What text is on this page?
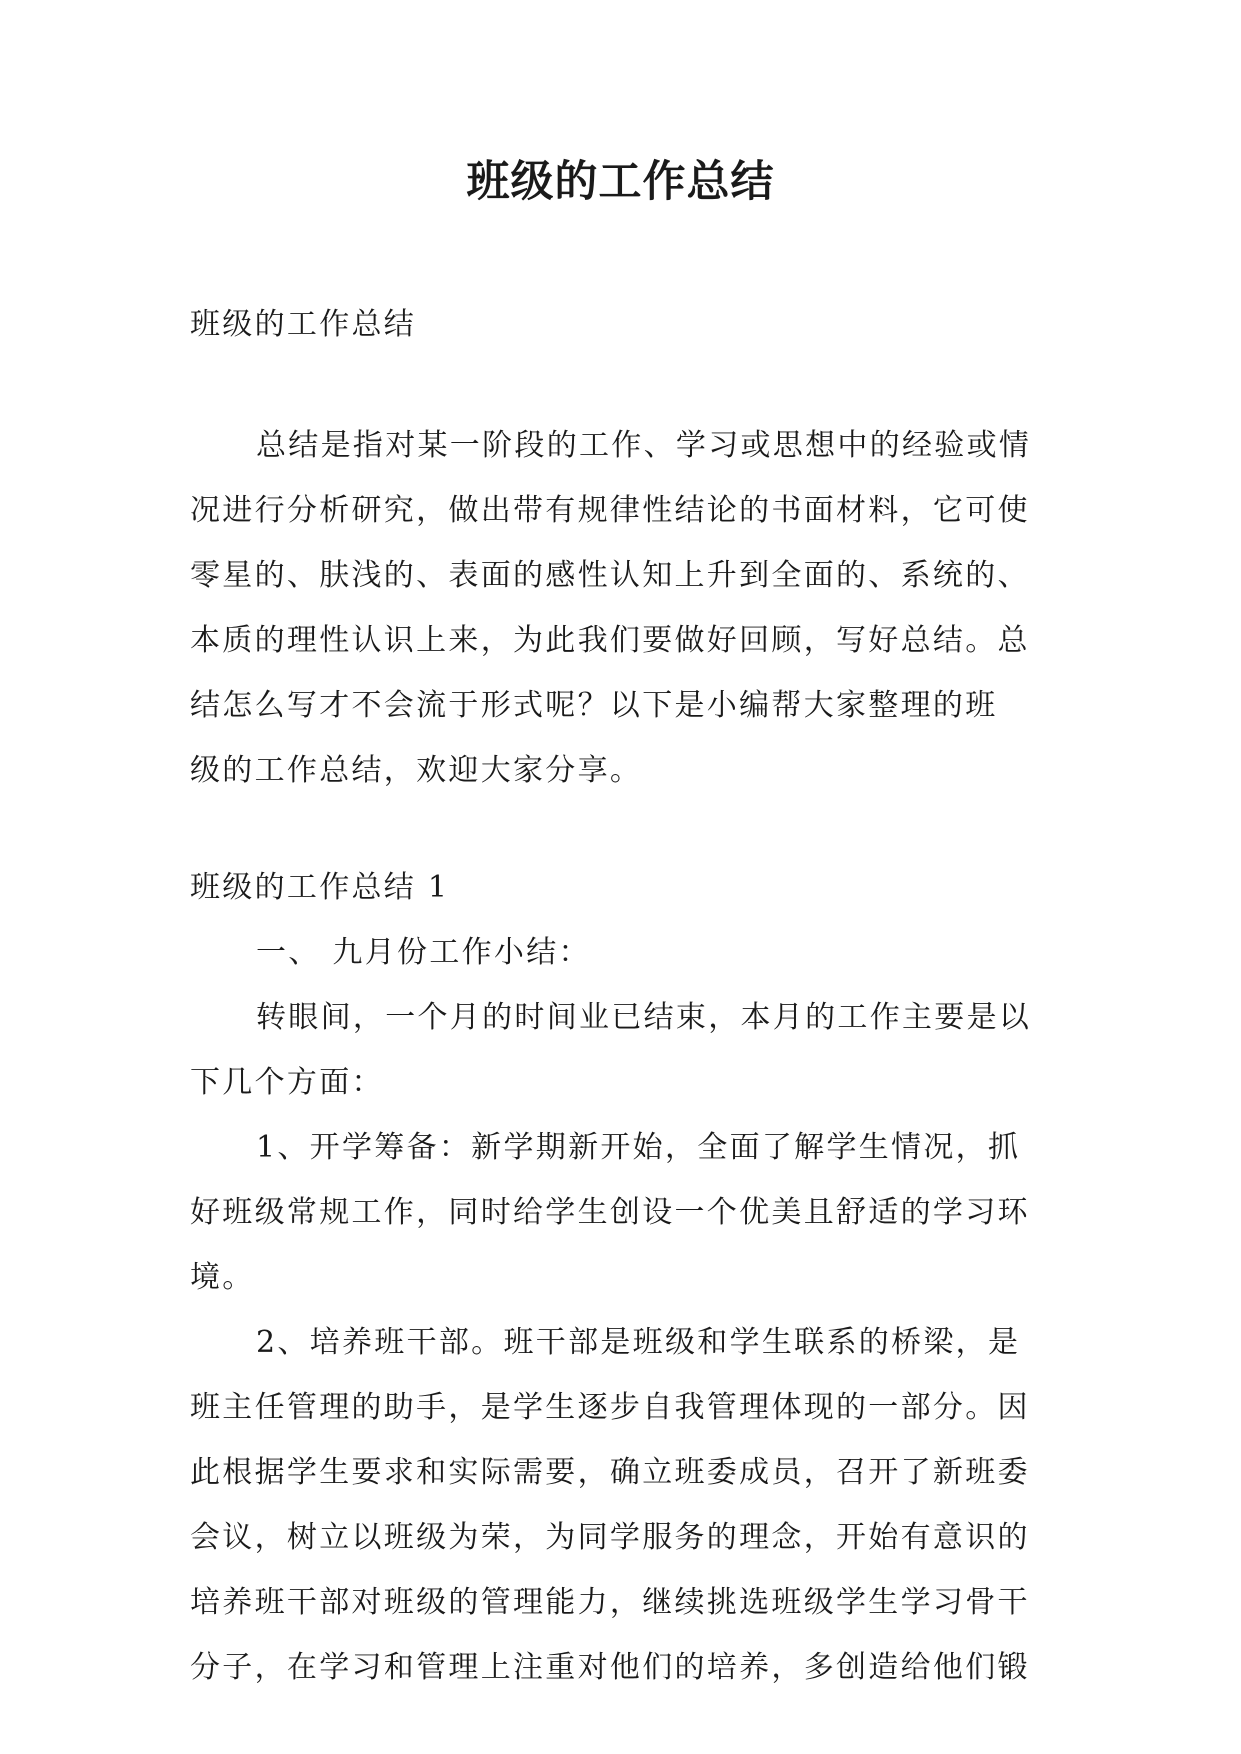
班级的工作总结
班级的工作总结
总结是指对某一阶段的工作、学习或思想中的经验或情
况进行分析研究，做出带有规律性结论的书面材料，它可使
零星的、肤浅的、表面的感性认知上升到全面的、系统的、
本质的理性认识上来，为此我们要做好回顾，写好总结。总
结怎么写才不会流于形式呢？以下是小编帮大家整理的班
级的工作总结，欢迎大家分享。
班级的工作总结 1
一、 九月份工作小结：
转眼间，一个月的时间业已结束，本月的工作主要是以
下几个方面：
1、开学筹备：新学期新开始，全面了解学生情况，抓
好班级常规工作，同时给学生创设一个优美且舒适的学习环
境。
2、培养班干部。班干部是班级和学生联系的桥梁，是
班主任管理的助手，是学生逐步自我管理体现的一部分。因
此根据学生要求和实际需要，确立班委成员，召开了新班委
会议，树立以班级为荣，为同学服务的理念，开始有意识的
培养班干部对班级的管理能力，继续挑选班级学生学习骨干
分子，在学习和管理上注重对他们的培养，多创造给他们锻
